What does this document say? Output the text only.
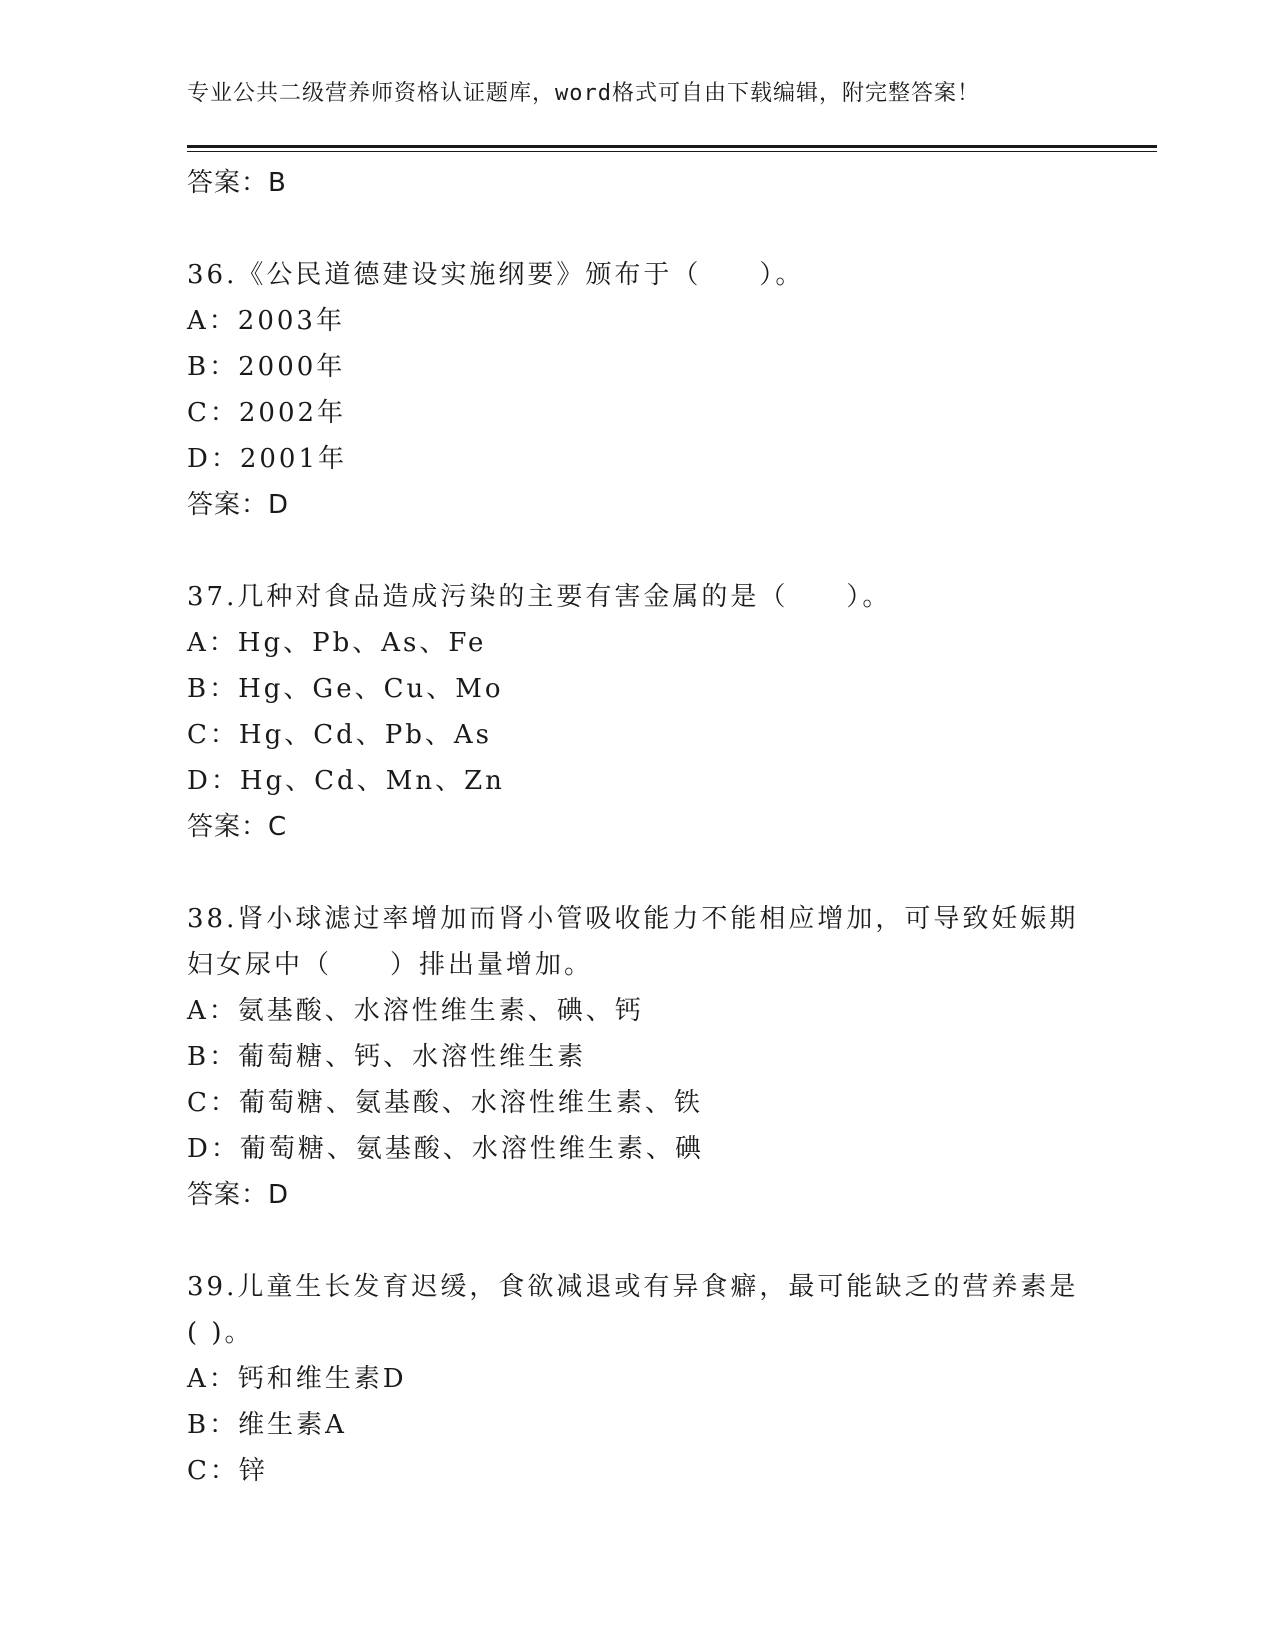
专业公共二级营养师资格认证题库，word格式可自由下载编辑，附完整答案！
答案：B
36.《公民道德建设实施纲要》颁布于（　　）。
A：2003年
B：2000年
C：2002年
D：2001年
答案：D
37.几种对食品造成污染的主要有害金属的是（　　）。
A：Hg、Pb、As、Fe
B：Hg、Ge、Cu、Mo
C：Hg、Cd、Pb、As
D：Hg、Cd、Mn、Zn
答案：C
38.肾小球滤过率增加而肾小管吸收能力不能相应增加，可导致妊娠期妇女尿中（　　）排出量增加。
A：氨基酸、水溶性维生素、碘、钙
B：葡萄糖、钙、水溶性维生素
C：葡萄糖、氨基酸、水溶性维生素、铁
D：葡萄糖、氨基酸、水溶性维生素、碘
答案：D
39.儿童生长发育迟缓，食欲减退或有异食癖，最可能缺乏的营养素是( )。
A：钙和维生素D
B：维生素A
C：锌
